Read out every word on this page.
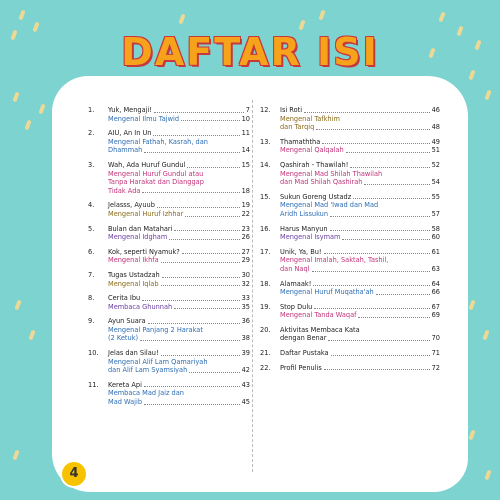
DAFTAR ISI
1. Yuk, Mengaji!	7
Mengenal Ilmu Tajwid	10
2. AIU, An In Un	11
Mengenal Fathah, Kasrah, dan
Dhammah	14
3. Wah, Ada Huruf Gundul	15
Mengenal Huruf Gundul atau
Tanpa Harakat dan Dianggap
Tidak Ada	18
4. Jelasss, Ayuub	19
Mengenal Huruf Izhhar	22
5. Bulan dan Matahari	23
Mengenal Idgham	26
6. Kok, seperti Nyamuk?	27
Mengenal Ikhfa	29
7. Tugas Ustadzah	30
Mengenal Iqlab	32
8. Cerita Ibu	33
Membaca Ghunnah	35
9. Ayun Suara	36
Mengenal Panjang 2 Harakat
(2 Ketuk)	38
10. Jelas dan Silau!	39
Mengenal Alif Lam Qamariyah
dan Alif Lam Syamsiyah	42
11. Kereta Api	43
Membaca Mad Jaiz dan
Mad Wajib	45
12. Isi Roti	46
Mengenal Tafkhim
dan Tarqiq	48
13. Thamaththa	49
Mengenal Qalqalah	51
14. Qashirah - Thawilah!	52
Mengenal Mad Shilah Thawilah
dan Mad Shilah Qashirah	54
15. Sukun Goreng Ustadz	55
Mengenal Mad 'Iwad dan Mad
Aridh Lissukun	57
16. Harus Manyun	58
Mengenal Isymam	60
17. Unik, Ya, Bu!	61
Mengenal Imalah, Saktah, Tashil,
dan Naql	63
18. Alamaak!	64
Mengenal Huruf Muqatha'ah	66
19. Stop Dulu	67
Mengenal Tanda Waqaf	69
20. Aktivitas Membaca Kata
dengan Benar	70
21. Daftar Pustaka	71
22. Profil Penulis	72
4
